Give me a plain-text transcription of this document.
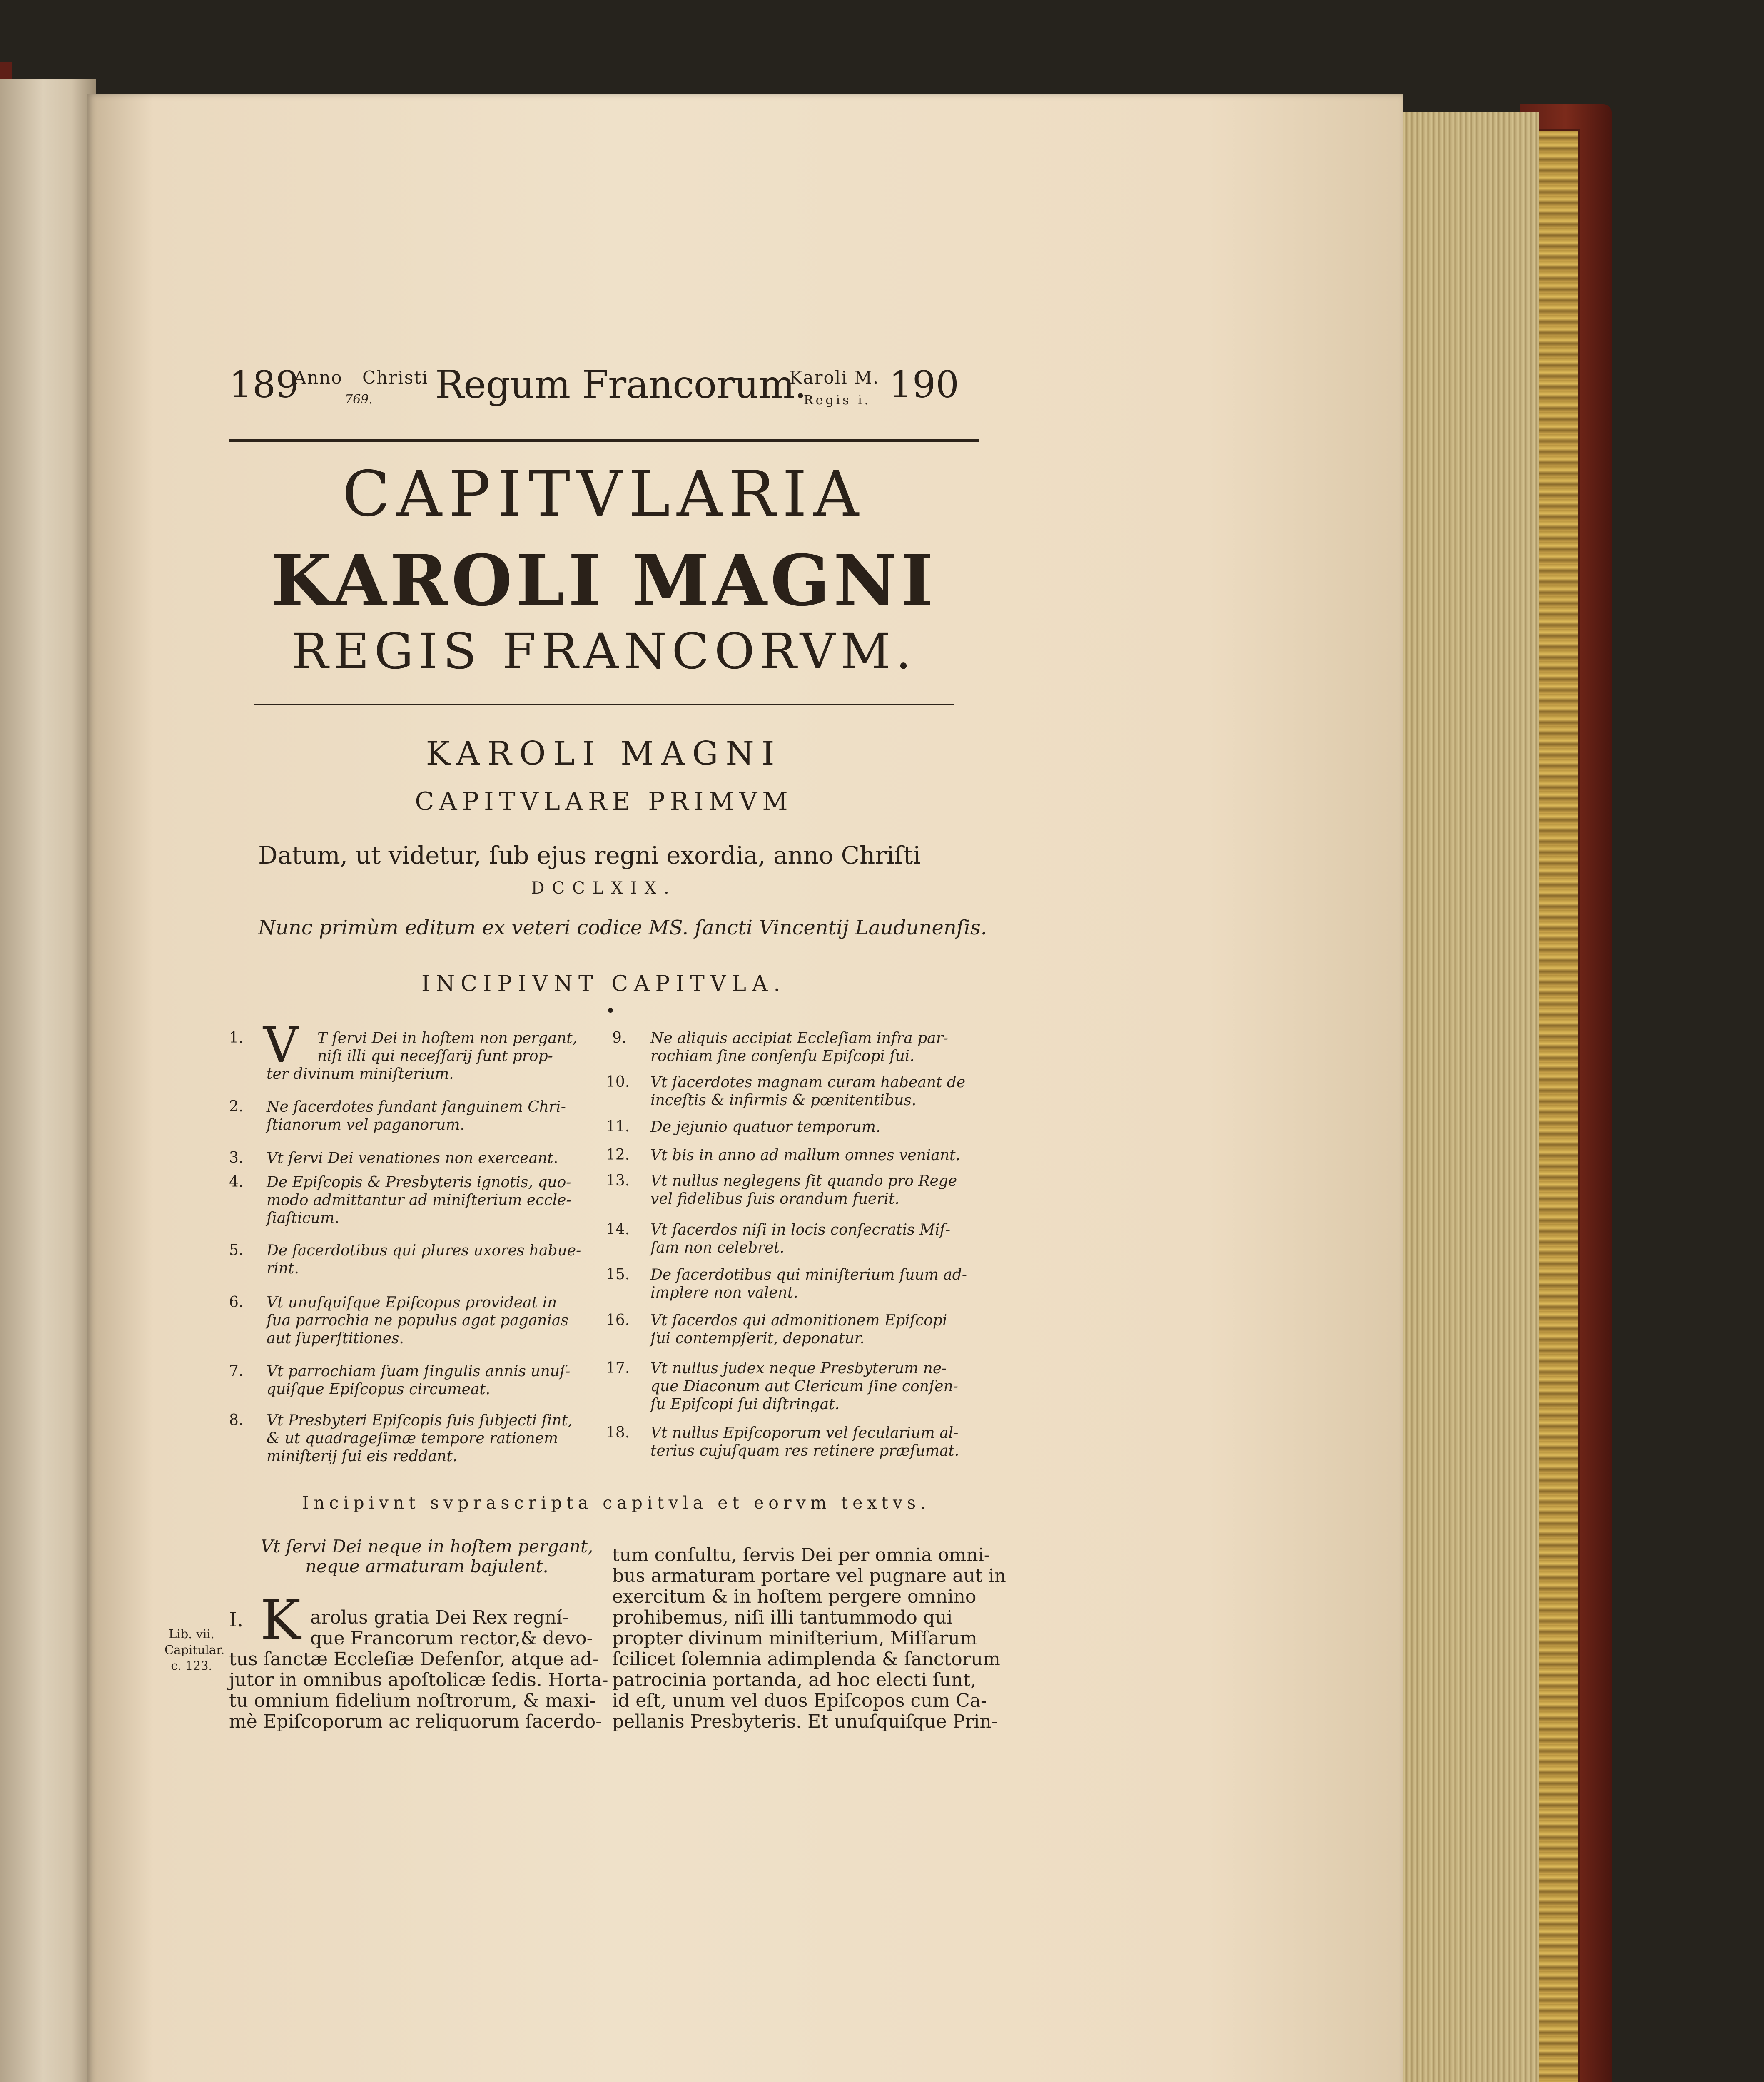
189
Anno Christi
769. Regum Francorum.
Karoli M.
Regis i. 190
CAPITVLARIA
KAROLI MAGNI
REGIS FRANCORVM.
KAROLI MAGNI
CAPITVLARE PRIMVM
Datum, ut videtur, ſub ejus regni exordia, anno Chriſti
DCCLXIX.
Nunc primùm editum ex veteri codice MS. ſancti Vincentij Laudunenſis.
INCIPIVNT CAPITVLA.
V
1.	T ſervi Dei in hoſtem non pergant,
niſi illi qui neceſſarij ſunt prop-
ter divinum miniſterium.
2. Ne ſacerdotes fundant ſanguinem Chri-
ſtianorum vel paganorum.
3. Vt ſervi Dei venationes non exerceant.
4. De Epiſcopis & Presbyteris ignotis, quo-
modo admittantur ad miniſterium eccle-
ſiaſticum.
5. De ſacerdotibus qui plures uxores habue-
rint.
6. Vt unuſquiſque Epiſcopus provideat in
ſua parrochia ne populus agat paganias
aut ſuperſtitiones.
7. Vt parrochiam ſuam ſingulis annis unuſ-
quiſque Epiſcopus circumeat.
8. Vt Presbyteri Epiſcopis ſuis ſubjecti ſint,
& ut quadrageſimæ tempore rationem
miniſterij ſui eis reddant.
9. Ne aliquis accipiat Eccleſiam infra par-
rochiam ſine conſenſu Epiſcopi ſui.
10. Vt ſacerdotes magnam curam habeant de
inceſtis & infirmis & pœnitentibus.
11. De jejunio quatuor temporum.
12. Vt bis in anno ad mallum omnes veniant.
13. Vt nullus neglegens ſit quando pro Rege
vel fidelibus ſuis orandum fuerit.
14. Vt ſacerdos niſi in locis conſecratis Miſ-
ſam non celebret.
15. De ſacerdotibus qui miniſterium ſuum ad-
implere non valent.
16. Vt ſacerdos qui admonitionem Epiſcopi
ſui contempſerit, deponatur.
17. Vt nullus judex neque Presbyterum ne-
que Diaconum aut Clericum ſine conſen-
ſu Epiſcopi ſui diſtringat.
18. Vt nullus Epiſcoporum vel ſecularium al-
terius cujuſquam res retinere præſumat.
Incipivnt svprascripta capitvla et eorvm textvs.
Vt ſervi Dei neque in hoſtem pergant,
neque armaturam bajulent.
Lib. vii.
Capitular.
c. 123.
I. K arolus gratia Dei Rex regní-
que Francorum rector,& devo-
tus ſanctæ Eccleſiæ Defenſor, atque ad-
jutor in omnibus apoſtolicæ ſedis. Horta-
tu omnium fidelium noſtrorum, & maxi-
mè Epiſcoporum ac reliquorum ſacerdo-
tum conſultu, ſervis Dei per omnia omni-
bus armaturam portare vel pugnare aut in
exercitum & in hoſtem pergere omnino
prohibemus, niſi illi tantummodo qui
propter divinum miniſterium, Miſſarum
ſcilicet ſolemnia adimplenda & ſanctorum
patrocinia portanda, ad hoc electi ſunt,
id eſt, unum vel duos Epiſcopos cum Ca-
pellanis Presbyteris. Et unuſquiſque Prin-
